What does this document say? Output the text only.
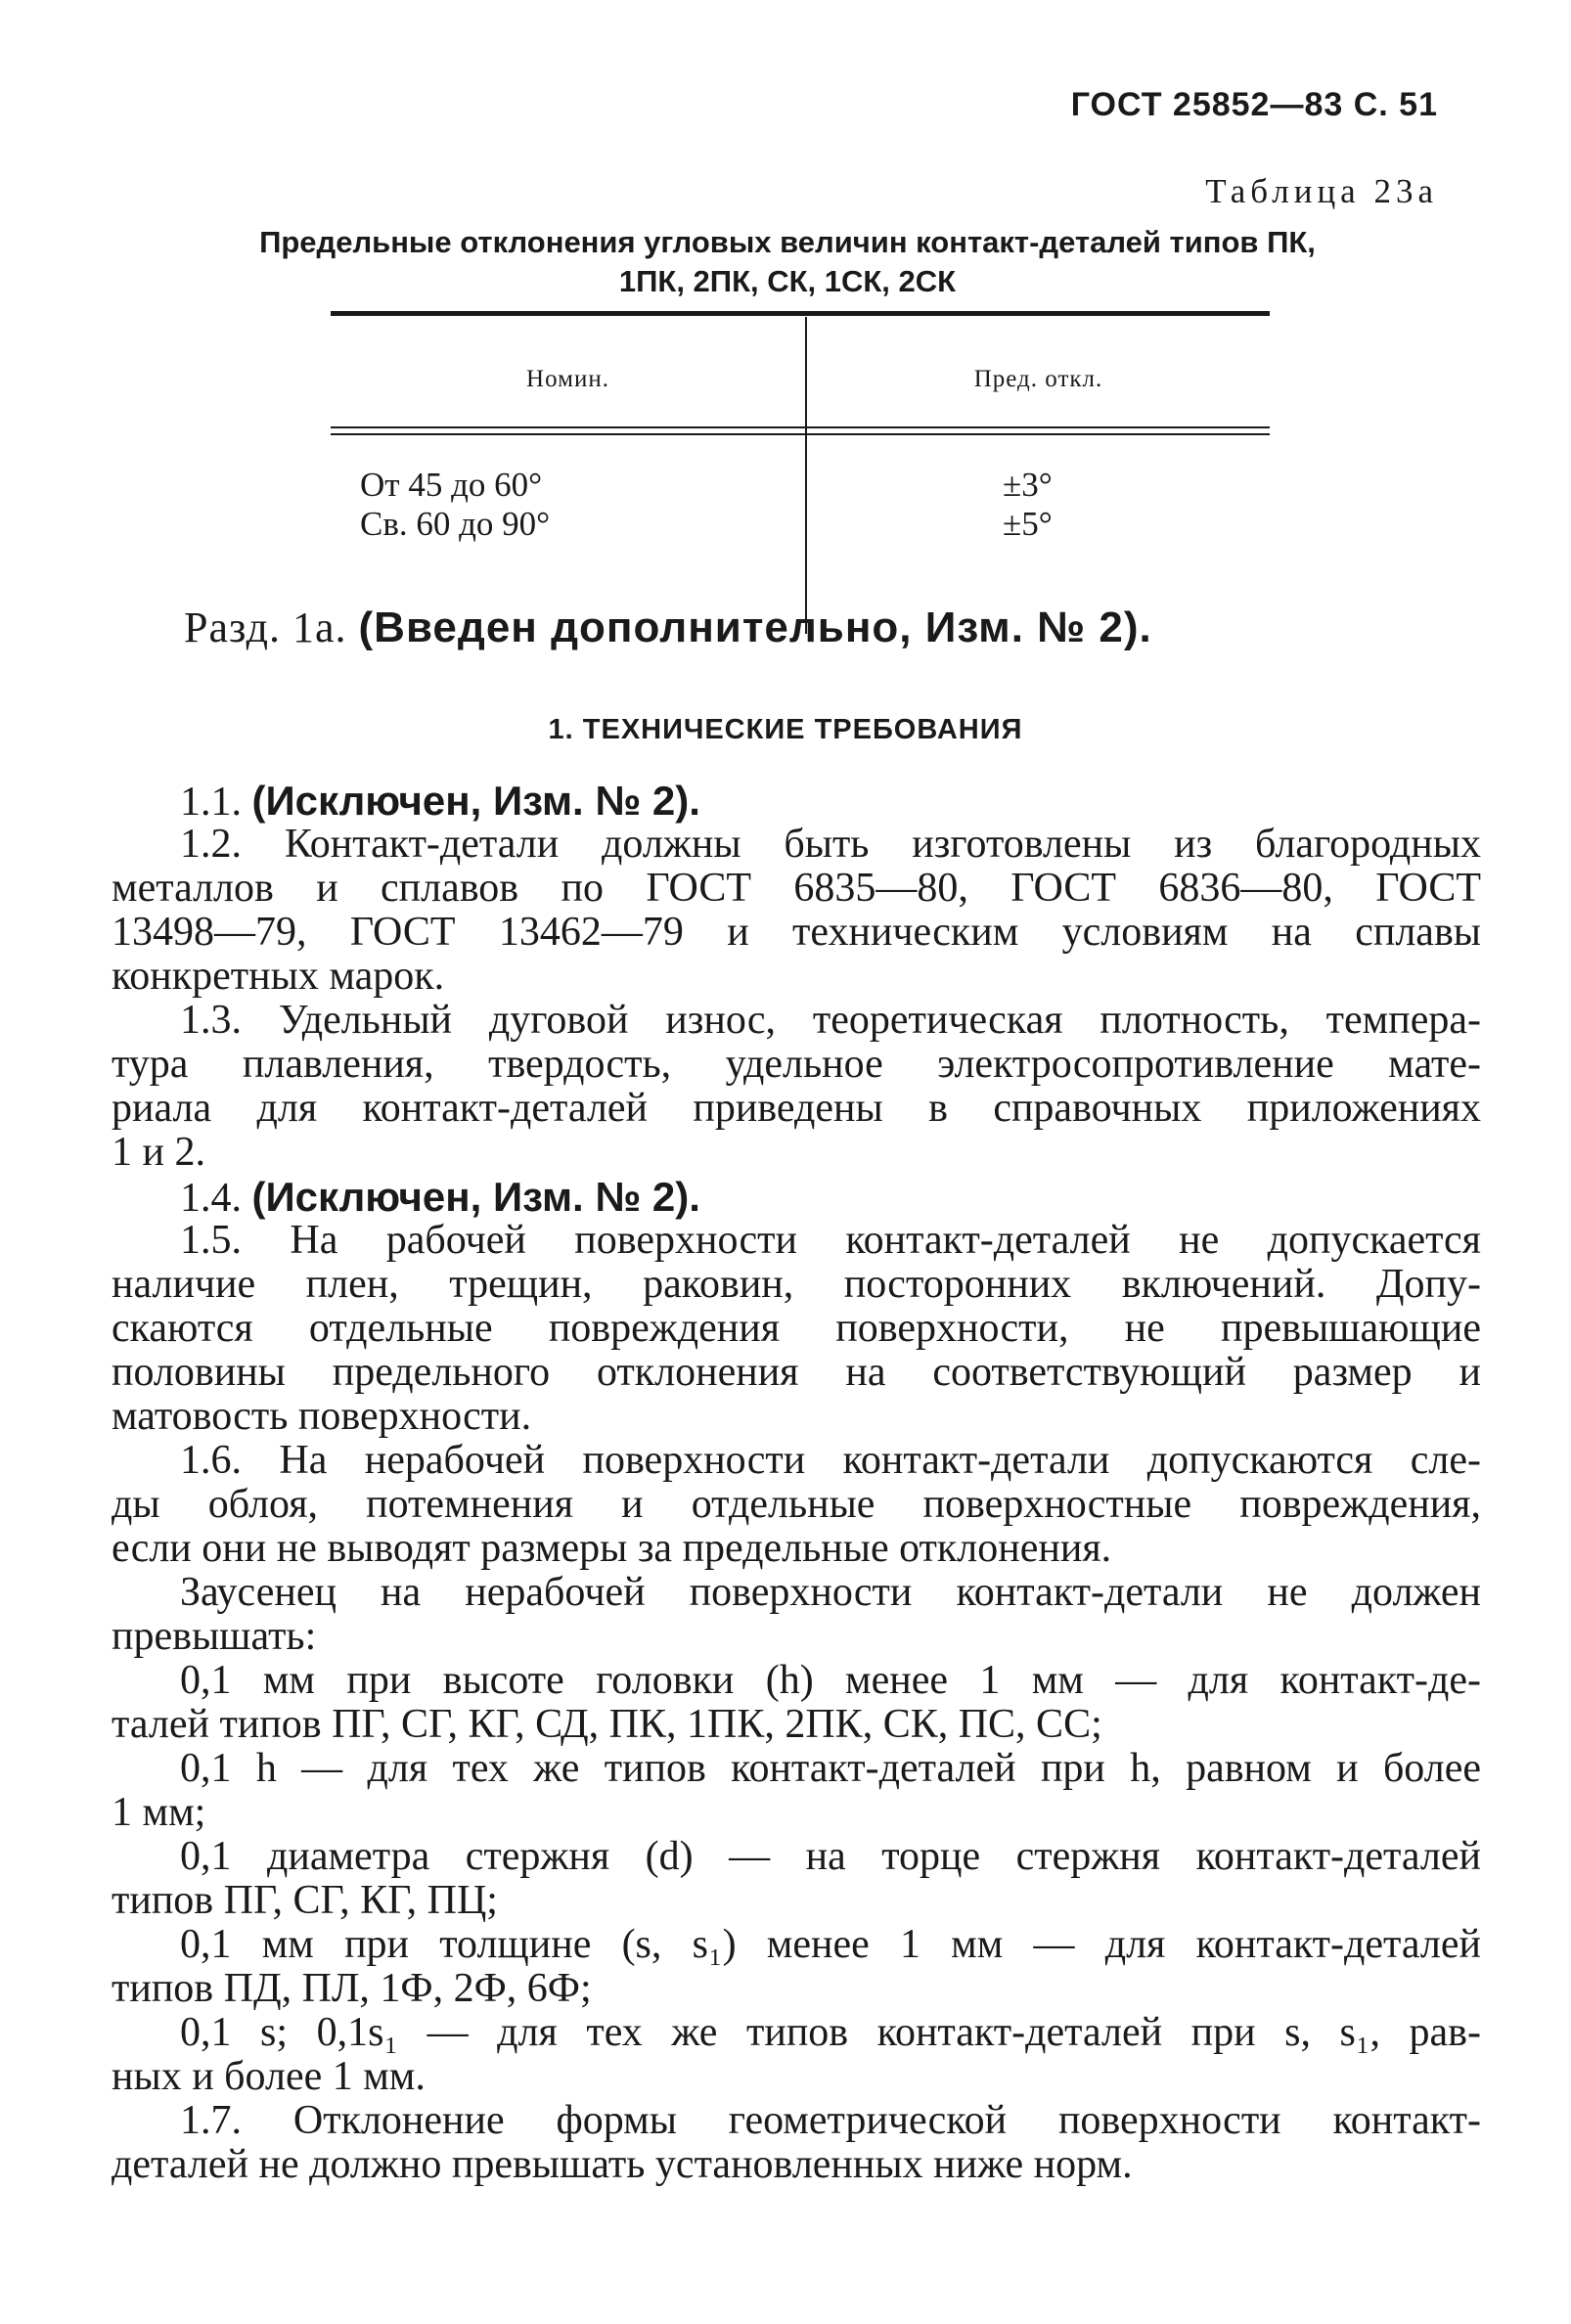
ГОСТ 25852—83 С. 51
Таблица 23а
Предельные отклонения угловых величин контакт-деталей типов ПК,
1ПК, 2ПК, СК, 1СК, 2СК
Номин.	Пред. откл.
От 45 до 60°
Св. 60 до 90°
±3°
±5°
Разд. 1а. (Введен дополнительно, Изм. № 2).
1. ТЕХНИЧЕСКИЕ ТРЕБОВАНИЯ
1.1. (Исключен, Изм. № 2).
1.2. Контакт-детали должны быть изготовлены из благородных
металлов и сплавов по ГОСТ 6835—80, ГОСТ 6836—80, ГОСТ
13498—79, ГОСТ 13462—79 и техническим условиям на сплавы
конкретных марок.
1.3. Удельный дуговой износ, теоретическая плотность, темпера-
тура плавления, твердость, удельное электросопротивление мате-
риала для контакт-деталей приведены в справочных приложениях
1 и 2.
1.4. (Исключен, Изм. № 2).
1.5. На рабочей поверхности контакт-деталей не допускается
наличие плен, трещин, раковин, посторонних включений. Допу-
скаются отдельные повреждения поверхности, не превышающие
половины предельного отклонения на соответствующий размер и
матовость поверхности.
1.6. На нерабочей поверхности контакт-детали допускаются сле-
ды облоя, потемнения и отдельные поверхностные повреждения,
если они не выводят размеры за предельные отклонения.
Заусенец на нерабочей поверхности контакт-детали не должен
превышать:
0,1 мм при высоте головки (h) менее 1 мм — для контакт-де-
талей типов ПГ, СГ, КГ, СД, ПК, 1ПК, 2ПК, СК, ПС, СС;
0,1 h — для тех же типов контакт-деталей при h, равном и более
1 мм;
0,1 диаметра стержня (d) — на торце стержня контакт-деталей
типов ПГ, СГ, КГ, ПЦ;
0,1 мм при толщине (s, s₁) менее 1 мм — для контакт-деталей
типов ПД, ПЛ, 1Ф, 2Ф, 6Ф;
0,1 s; 0,1s₁ — для тех же типов контакт-деталей при s, s₁, рав-
ных и более 1 мм.
1.7. Отклонение формы геометрической поверхности контакт-
деталей не должно превышать установленных ниже норм.
